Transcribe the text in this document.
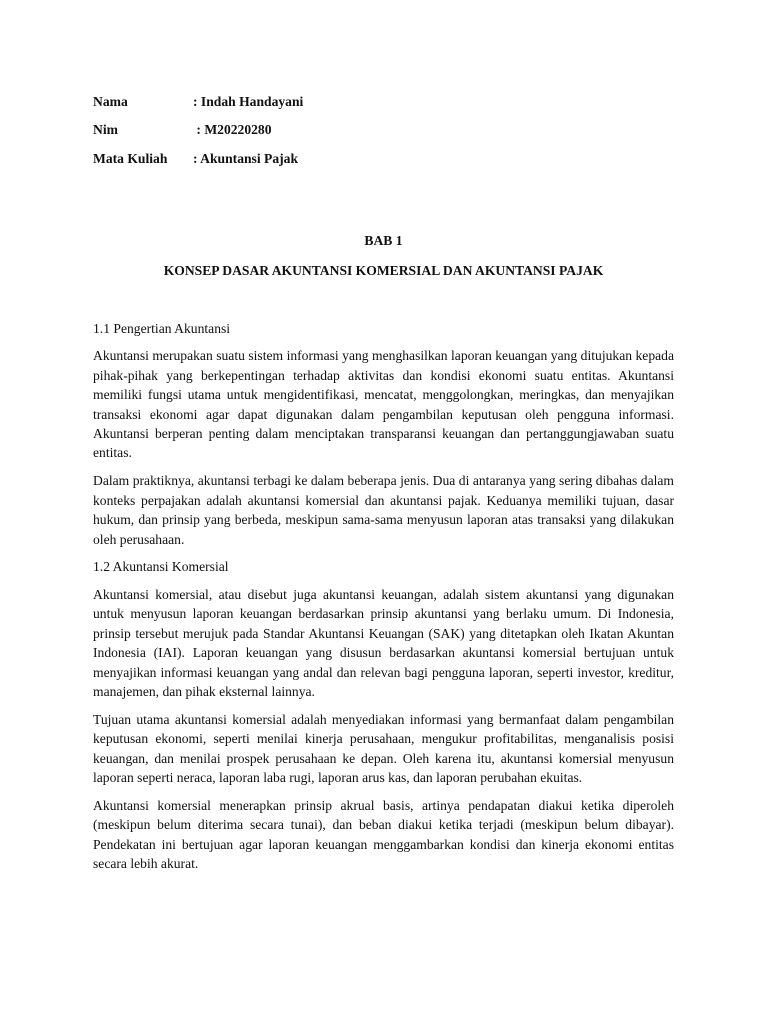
Nama	: Indah Handayani
Nim	: M20220280
Mata Kuliah	: Akuntansi Pajak
BAB 1
KONSEP DASAR AKUNTANSI KOMERSIAL DAN AKUNTANSI PAJAK

1.1 Pengertian Akuntansi

Akuntansi merupakan suatu sistem informasi yang menghasilkan laporan keuangan yang ditujukan kepada pihak-pihak yang berkepentingan terhadap aktivitas dan kondisi ekonomi suatu entitas. Akuntansi memiliki fungsi utama untuk mengidentifikasi, mencatat, menggolongkan, meringkas, dan menyajikan transaksi ekonomi agar dapat digunakan dalam pengambilan keputusan oleh pengguna informasi. Akuntansi berperan penting dalam menciptakan transparansi keuangan dan pertanggungjawaban suatu entitas.

Dalam praktiknya, akuntansi terbagi ke dalam beberapa jenis. Dua di antaranya yang sering dibahas dalam konteks perpajakan adalah akuntansi komersial dan akuntansi pajak. Keduanya memiliki tujuan, dasar hukum, dan prinsip yang berbeda, meskipun sama-sama menyusun laporan atas transaksi yang dilakukan oleh perusahaan.

1.2 Akuntansi Komersial

Akuntansi komersial, atau disebut juga akuntansi keuangan, adalah sistem akuntansi yang digunakan untuk menyusun laporan keuangan berdasarkan prinsip akuntansi yang berlaku umum. Di Indonesia, prinsip tersebut merujuk pada Standar Akuntansi Keuangan (SAK) yang ditetapkan oleh Ikatan Akuntan Indonesia (IAI). Laporan keuangan yang disusun berdasarkan akuntansi komersial bertujuan untuk menyajikan informasi keuangan yang andal dan relevan bagi pengguna laporan, seperti investor, kreditur, manajemen, dan pihak eksternal lainnya.

Tujuan utama akuntansi komersial adalah menyediakan informasi yang bermanfaat dalam pengambilan keputusan ekonomi, seperti menilai kinerja perusahaan, mengukur profitabilitas, menganalisis posisi keuangan, dan menilai prospek perusahaan ke depan. Oleh karena itu, akuntansi komersial menyusun laporan seperti neraca, laporan laba rugi, laporan arus kas, dan laporan perubahan ekuitas.

Akuntansi komersial menerapkan prinsip akrual basis, artinya pendapatan diakui ketika diperoleh (meskipun belum diterima secara tunai), dan beban diakui ketika terjadi (meskipun belum dibayar). Pendekatan ini bertujuan agar laporan keuangan menggambarkan kondisi dan kinerja ekonomi entitas secara lebih akurat.
